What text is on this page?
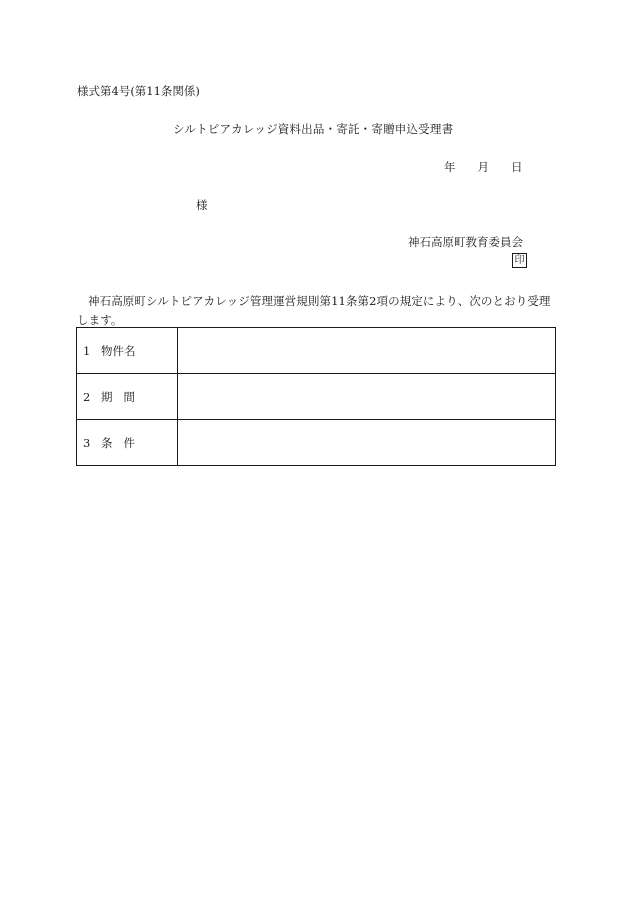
様式第4号(第11条関係)
シルトピアカレッジ資料出品・寄託・寄贈申込受理書
年 月 日
様
神石高原町教育委員会
印
神石高原町シルトピアカレッジ管理運営規則第11条第2項の規定により、次のとおり受理します。
1 物件名	
2 期間	
3 条件	
